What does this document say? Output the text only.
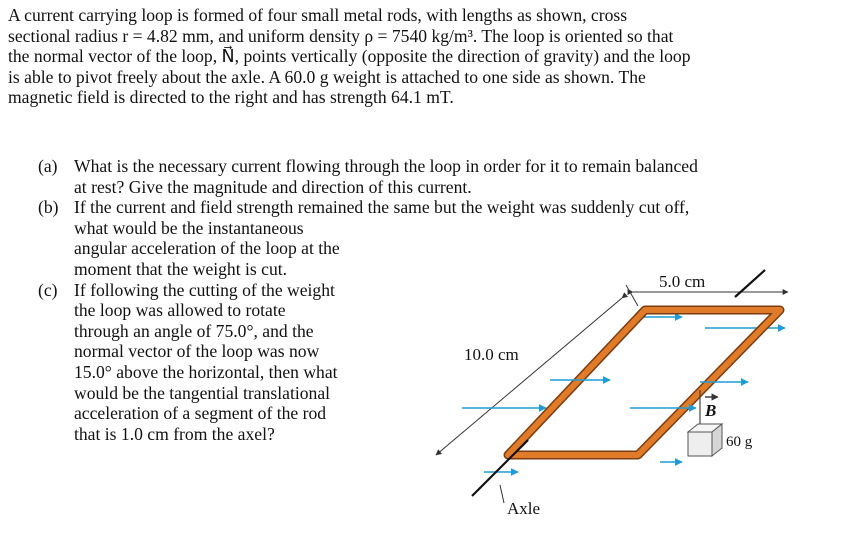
A current carrying loop is formed of four small metal rods, with lengths as shown, cross
sectional radius r = 4.82 mm, and uniform density ρ = 7540 kg/m³. The loop is oriented so that
the normal vector of the loop, N⃗, points vertically (opposite the direction of gravity) and the loop
is able to pivot freely about the axle. A 60.0 g weight is attached to one side as shown. The
magnetic field is directed to the right and has strength 64.1 mT.
(a) What is the necessary current flowing through the loop in order for it to remain balanced
at rest? Give the magnitude and direction of this current.
(b) If the current and field strength remained the same but the weight was suddenly cut off,
what would be the instantaneous
angular acceleration of the loop at the
moment that the weight is cut.
(c) If following the cutting of the weight
the loop was allowed to rotate
through an angle of 75.0°, and the
normal vector of the loop was now
15.0° above the horizontal, then what
would be the tangential translational
acceleration of a segment of the rod
that is 1.0 cm from the axel?
5.0 cm
10.0 cm
B
60 g
Axle
